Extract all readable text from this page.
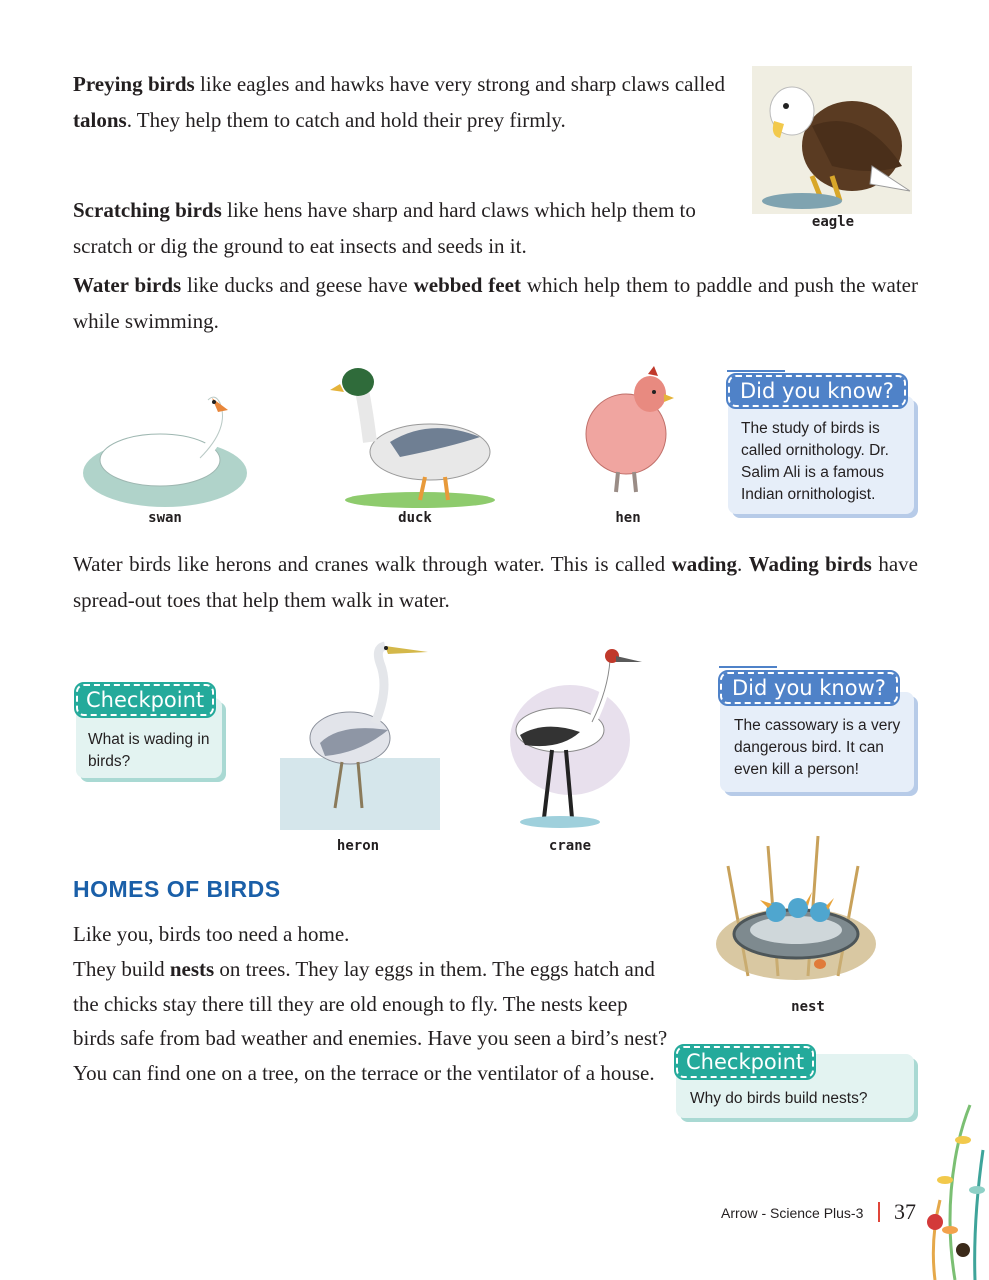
Preying birds like eagles and hawks have very strong and sharp claws called talons. They help them to catch and hold their prey firmly.

eagle

Scratching birds like hens have sharp and hard claws which help them to scratch or dig the ground to eat insects and seeds in it.

Water birds like ducks and geese have webbed feet which help them to paddle and push the water while swimming.

swan	duck	hen
Did you know?
The study of birds is called ornithology. Dr. Salim Ali is a famous Indian ornithologist.

Water birds like herons and cranes walk through water. This is called wading. Wading birds have spread-out toes that help them walk in water.

Checkpoint
What is wading in birds?
heron	crane
Did you know?
The cassowary is a very dangerous bird. It can even kill a person!
HOMES OF BIRDS

Like you, birds too need a home.

They build nests on trees. They lay eggs in them. The eggs hatch and the chicks stay there till they are old enough to fly. The nests keep birds safe from bad weather and enemies. Have you seen a bird’s nest? You can find one on a tree, on the terrace or the ventilator of a house.

nest
Checkpoint
Why do birds build nests?
Arrow - Science Plus-3 37
